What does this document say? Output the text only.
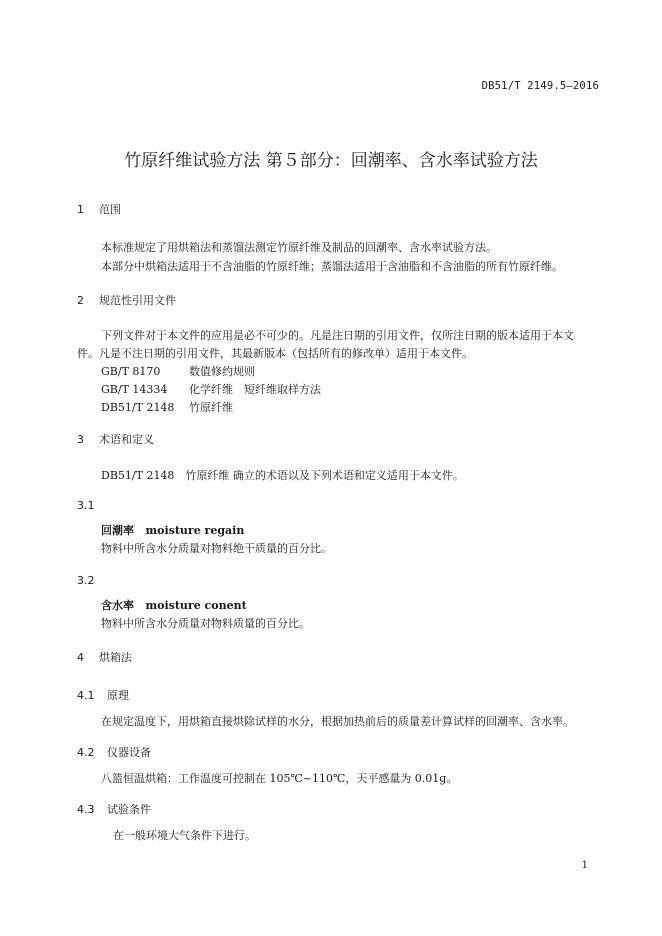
DB51/T 2149.5—2016
竹原纤维试验方法 第５部分：回潮率、含水率试验方法
1 范围
本标准规定了用烘箱法和蒸馏法测定竹原纤维及制品的回潮率、含水率试验方法。
本部分中烘箱法适用于不含油脂的竹原纤维；蒸馏法适用于含油脂和不含油脂的所有竹原纤维。
2 规范性引用文件
下列文件对于本文件的应用是必不可少的。凡是注日期的引用文件，仅所注日期的版本适用于本文
件。凡是不注日期的引用文件，其最新版本（包括所有的修改单）适用于本文件。
GB/T 8170	数值修约规则
GB/T 14334 化学纤维　短纤维取样方法
DB51/T 2148 竹原纤维
3 术语和定义
DB51/T 2148　竹原纤维 确立的术语以及下列术语和定义适用于本文件。
3.1
回潮率 moisture regain
物料中所含水分质量对物料绝干质量的百分比。
3.2
含水率 moisture conent
物料中所含水分质量对物料质量的百分比。
4 烘箱法
4.1 原理
在规定温度下，用烘箱直接烘除试样的水分，根据加热前后的质量差计算试样的回潮率、含水率。
4.2 仪器设备
八篮恒温烘箱：工作温度可控制在 105℃~110℃，天平感量为 0.01g。
4.3 试验条件
在一般环境大气条件下进行。
1
